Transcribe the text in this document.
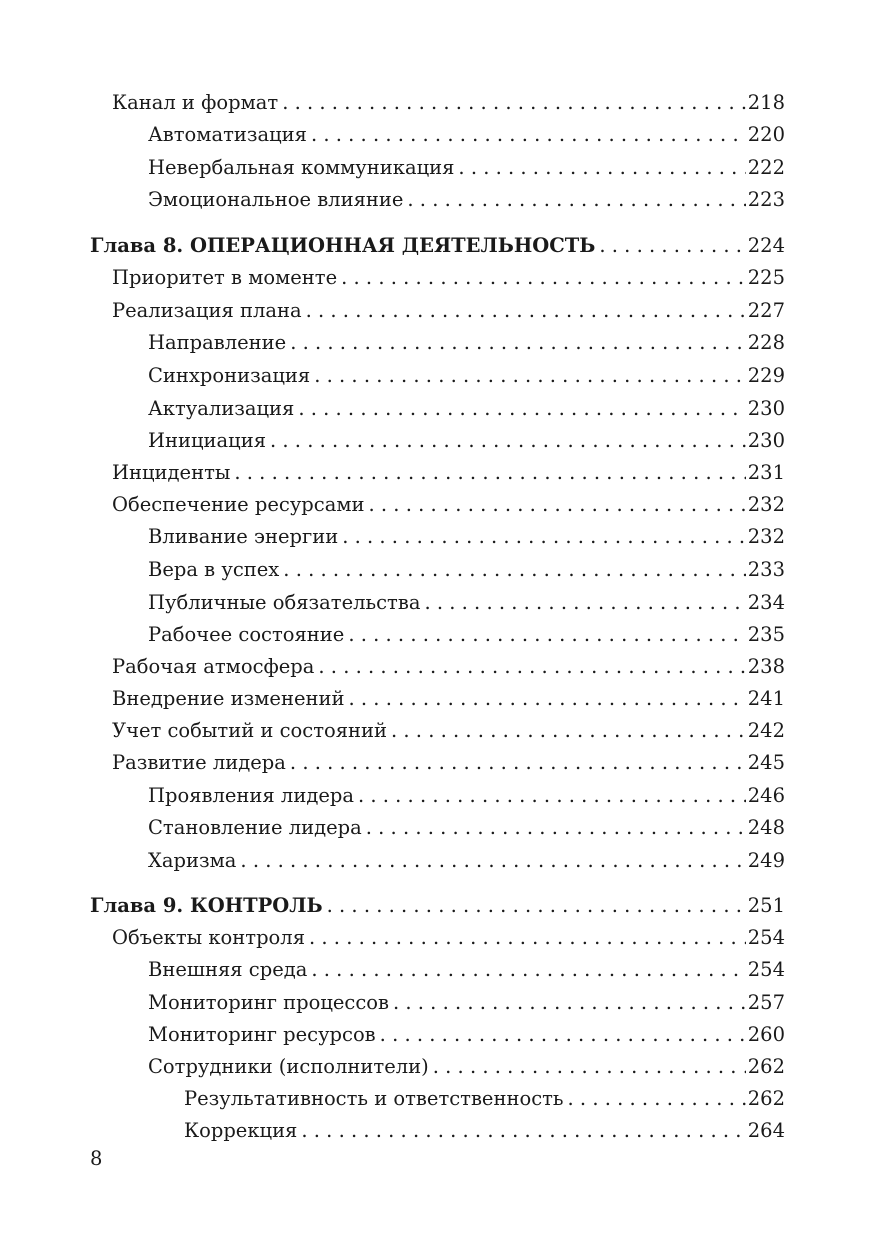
Канал и формат . . .	218
Автоматизация . . .	220
Невербальная коммуникация . . .	222
Эмоциональное влияние . . .	223
Глава 8. ОПЕРАЦИОННАЯ ДЕЯТЕЛЬНОСТЬ . . .	224
Приоритет в моменте . . .	225
Реализация плана . . .	227
Направление . . .	228
Синхронизация . . .	229
Актуализация . . .	230
Инициация . . .	230
Инциденты . . .	231
Обеспечение ресурсами . . .	232
Вливание энергии . . .	232
Вера в успех . . .	233
Публичные обязательства . . .	234
Рабочее состояние . . .	235
Рабочая атмосфера . . .	238
Внедрение изменений . . .	241
Учет событий и состояний . . .	242
Развитие лидера . . .	245
Проявления лидера . . .	246
Становление лидера . . .	248
Харизма . . .	249
Глава 9. КОНТРОЛЬ . . .	251
Объекты контроля . . .	254
Внешняя среда . . .	254
Мониторинг процессов . . .	257
Мониторинг ресурсов . . .	260
Сотрудники (исполнители) . . .	262
Результативность и ответственность . . .	262
Коррекция . . .	264
8
